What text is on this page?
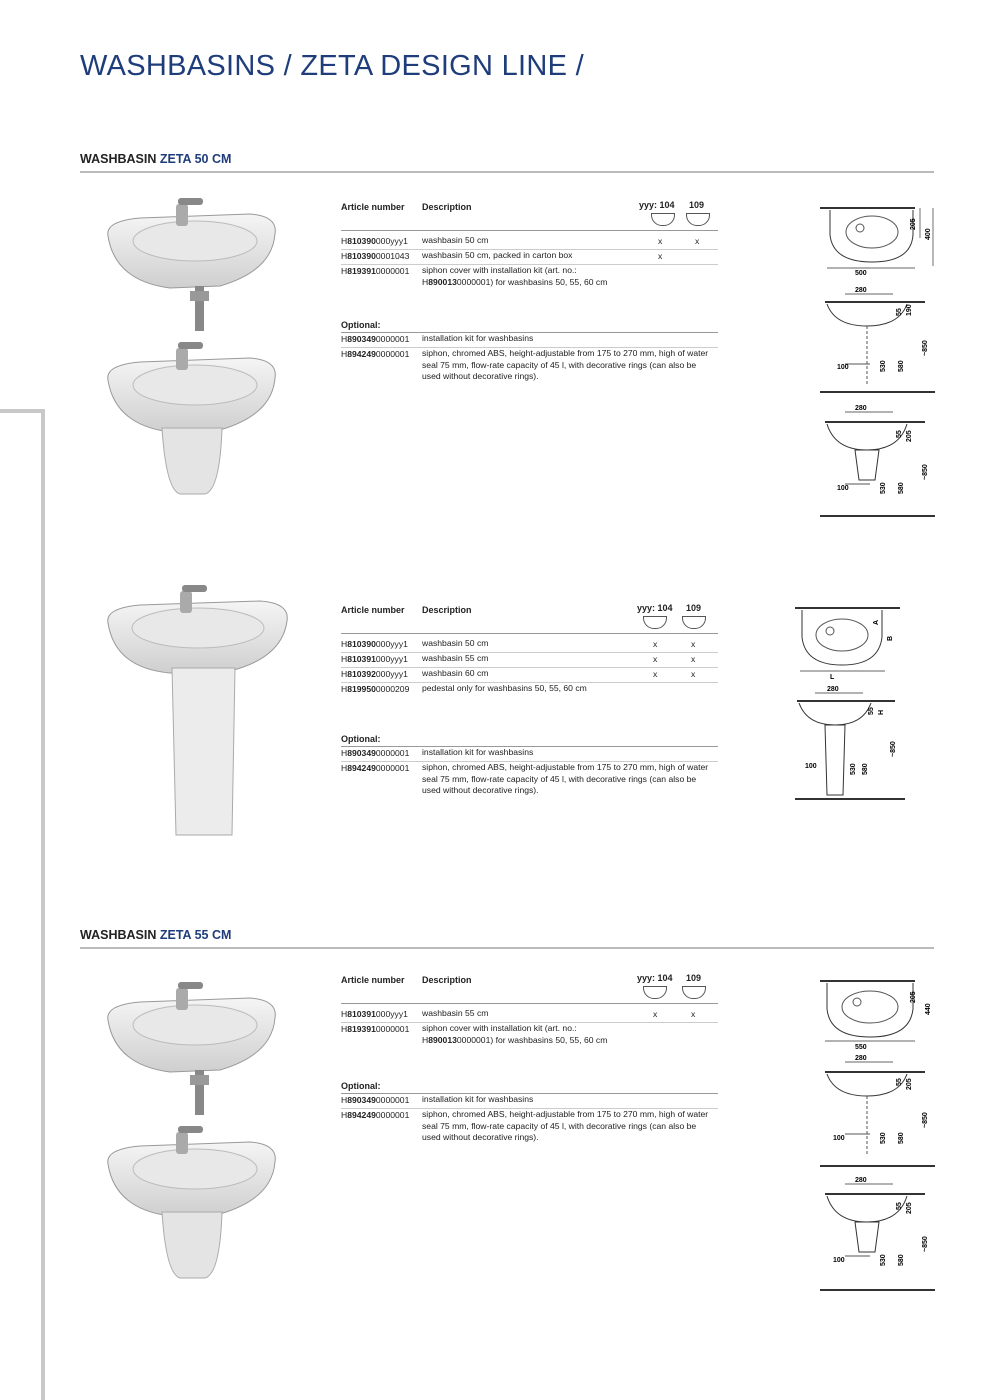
WASHBASINS / ZETA DESIGN LINE /
WASHBASIN ZETA 50 CM
WASHBASIN ZETA 55 CM
Article number Description	yyy: 104 109
H810390000yyy1 washbasin 50 cm	x	x
H8103900001043 washbasin 50 cm, packed in carton box	x
H8193910000001 siphon cover with installation kit (art. no.:
H8900130000001) for washbasins 50, 55, 60 cm
Optional:
H8903490000001 installation kit for washbasins
H8942490000001 siphon, chromed ABS, height-adjustable from 175 to 270 mm, high of water seal 75 mm, flow-rate capacity of 45 l, with decorative rings (can also be used without decorative rings).
Article number Description	yyy: 104 109
H810390000yyy1 washbasin 50 cm	x	x
H810391000yyy1 washbasin 55 cm	x	x
H810392000yyy1 washbasin 60 cm	x	x
H8199500000209 pedestal only for washbasins 50, 55, 60 cm
Optional:
H8903490000001 installation kit for washbasins
H8942490000001 siphon, chromed ABS, height-adjustable from 175 to 270 mm, high of water seal 75 mm, flow-rate capacity of 45 l, with decorative rings (can also be used without decorative rings).
Article number Description	yyy: 104 109
H810391000yyy1 washbasin 55 cm	x	x
H8193910000001 siphon cover with installation kit (art. no.:
H8900130000001) for washbasins 50, 55, 60 cm
Optional:
H8903490000001 installation kit for washbasins
H8942490000001 siphon, chromed ABS, height-adjustable from 175 to 270 mm, high of water seal 75 mm, flow-rate capacity of 45 l, with decorative rings (can also be used without decorative rings).
500
205
400
280
100
55 190
530 580
~850
280
100
55 205
530 580
~850
L
A
B
280
100
55 H
530 580
~850
550
205
440
280
100
55 205
530 580
~850
280
100
55 205
530 580
~850
